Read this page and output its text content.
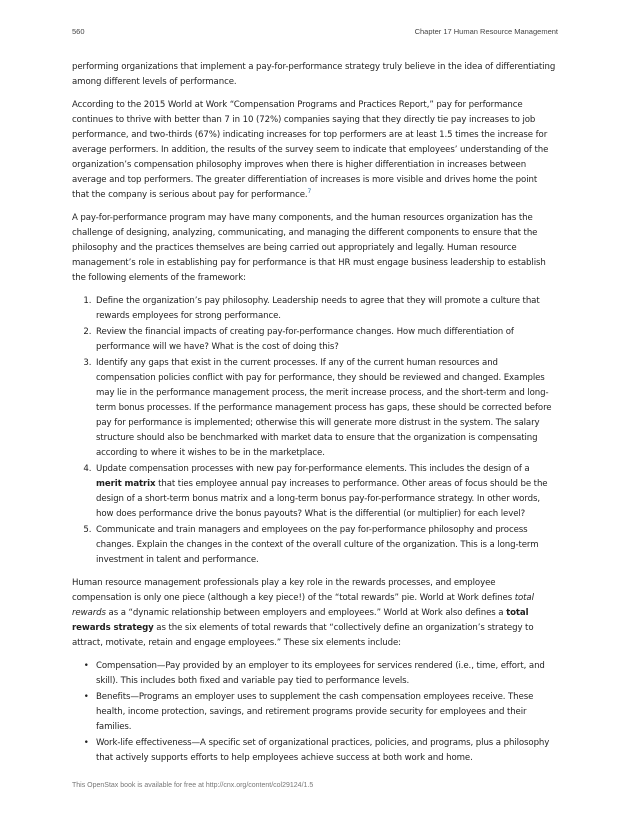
560	Chapter 17 Human Resource Management

performing organizations that implement a pay-for-performance strategy truly believe in the idea of differentiating among different levels of performance.

According to the 2015 World at Work “Compensation Programs and Practices Report,” pay for performance continues to thrive with better than 7 in 10 (72%) companies saying that they directly tie pay increases to job performance, and two-thirds (67%) indicating increases for top performers are at least 1.5 times the increase for average performers. In addition, the results of the survey seem to indicate that employees’ understanding of the organization’s compensation philosophy improves when there is higher differentiation in increases between average and top performers. The greater differentiation of increases is more visible and drives home the point that the company is serious about pay for performance.$^7$

A pay-for-performance program may have many components, and the human resources organization has the challenge of designing, analyzing, communicating, and managing the different components to ensure that the philosophy and the practices themselves are being carried out appropriately and legally. Human resource management’s role in establishing pay for performance is that HR must engage business leadership to establish the following elements of the framework:

1. Define the organization’s pay philosophy. Leadership needs to agree that they will promote a culture that rewards employees for strong performance.
2. Review the financial impacts of creating pay-for-performance changes. How much differentiation of performance will we have? What is the cost of doing this?
3. Identify any gaps that exist in the current processes. If any of the current human resources and compensation policies conflict with pay for performance, they should be reviewed and changed. Examples may lie in the performance management process, the merit increase process, and the short-term and long-term bonus processes. If the performance management process has gaps, these should be corrected before pay for performance is implemented; otherwise this will generate more distrust in the system. The salary structure should also be benchmarked with market data to ensure that the organization is compensating according to where it wishes to be in the marketplace.
4. Update compensation processes with new pay for-performance elements. This includes the design of a merit matrix that ties employee annual pay increases to performance. Other areas of focus should be the design of a short-term bonus matrix and a long-term bonus pay-for-performance strategy. In other words, how does performance drive the bonus payouts? What is the differential (or multiplier) for each level?
5. Communicate and train managers and employees on the pay for-performance philosophy and process changes. Explain the changes in the context of the overall culture of the organization. This is a long-term investment in talent and performance.

Human resource management professionals play a key role in the rewards processes, and employee compensation is only one piece (although a key piece!) of the “total rewards” pie. World at Work defines total rewards as a “dynamic relationship between employers and employees.” World at Work also defines a total rewards strategy as the six elements of total rewards that “collectively define an organization’s strategy to attract, motivate, retain and engage employees.” These six elements include:

• Compensation—Pay provided by an employer to its employees for services rendered (i.e., time, effort, and skill). This includes both fixed and variable pay tied to performance levels.
• Benefits—Programs an employer uses to supplement the cash compensation employees receive. These health, income protection, savings, and retirement programs provide security for employees and their families.
• Work-life effectiveness—A specific set of organizational practices, policies, and programs, plus a philosophy that actively supports efforts to help employees achieve success at both work and home.
This OpenStax book is available for free at http://cnx.org/content/col29124/1.5
